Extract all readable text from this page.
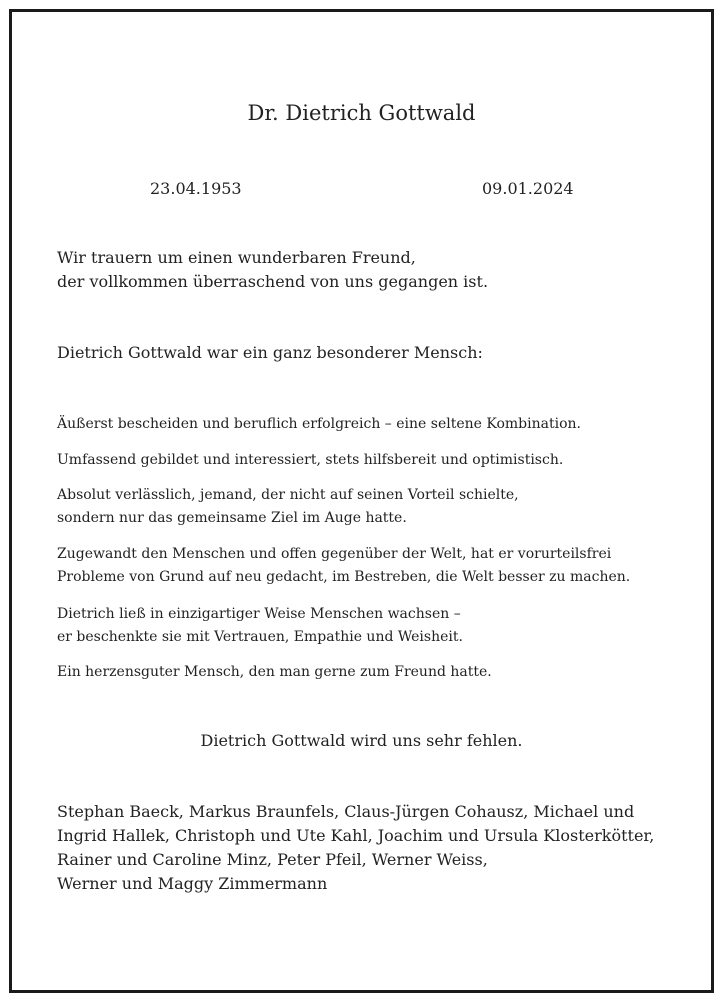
Dr. Dietrich Gottwald
23.04.1953	09.01.2024
Wir trauern um einen wunderbaren Freund,
der vollkommen überraschend von uns gegangen ist.
Dietrich Gottwald war ein ganz besonderer Mensch:
Äußerst bescheiden und beruflich erfolgreich – eine seltene Kombination.
Umfassend gebildet und interessiert, stets hilfsbereit und optimistisch.
Absolut verlässlich, jemand, der nicht auf seinen Vorteil schielte,
sondern nur das gemeinsame Ziel im Auge hatte.
Zugewandt den Menschen und offen gegenüber der Welt, hat er vorurteilsfrei
Probleme von Grund auf neu gedacht, im Bestreben, die Welt besser zu machen.
Dietrich ließ in einzigartiger Weise Menschen wachsen –
er beschenkte sie mit Vertrauen, Empathie und Weisheit.
Ein herzensguter Mensch, den man gerne zum Freund hatte.
Dietrich Gottwald wird uns sehr fehlen.
Stephan Baeck, Markus Braunfels, Claus-Jürgen Cohausz, Michael und
Ingrid Hallek, Christoph und Ute Kahl, Joachim und Ursula Klosterkötter,
Rainer und Caroline Minz, Peter Pfeil, Werner Weiss,
Werner und Maggy Zimmermann
